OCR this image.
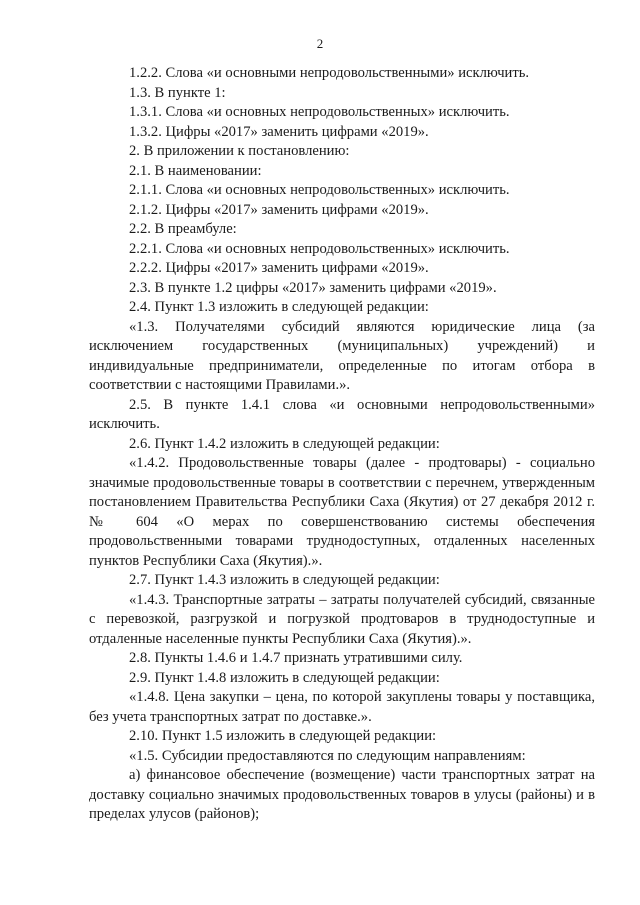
2

1.2.2. Слова «и основными непродовольственными» исключить.

1.3. В пункте 1:

1.3.1. Слова «и основных непродовольственных» исключить.

1.3.2. Цифры «2017» заменить цифрами «2019».

2. В приложении к постановлению:

2.1. В наименовании:

2.1.1. Слова «и основных непродовольственных» исключить.

2.1.2. Цифры «2017» заменить цифрами «2019».

2.2. В преамбуле:

2.2.1. Слова «и основных непродовольственных» исключить.

2.2.2. Цифры «2017» заменить цифрами «2019».

2.3. В пункте 1.2 цифры «2017» заменить цифрами «2019».

2.4. Пункт 1.3 изложить в следующей редакции:

«1.3. Получателями субсидий являются юридические лица (за исключением государственных (муниципальных) учреждений) и индивидуальные предприниматели, определенные по итогам отбора в соответствии с настоящими Правилами.».

2.5. В пункте 1.4.1 слова «и основными непродовольственными» исключить.

2.6. Пункт 1.4.2 изложить в следующей редакции:

«1.4.2. Продовольственные товары (далее - продтовары) - социально значимые продовольственные товары в соответствии с перечнем, утвержденным постановлением Правительства Республики Саха (Якутия) от 27 декабря 2012 г. № 604 «О мерах по совершенствованию системы обеспечения продовольственными товарами труднодоступных, отдаленных населенных пунктов Республики Саха (Якутия).».

2.7. Пункт 1.4.3 изложить в следующей редакции:

«1.4.3. Транспортные затраты – затраты получателей субсидий, связанные с перевозкой, разгрузкой и погрузкой продтоваров в труднодоступные и отдаленные населенные пункты Республики Саха (Якутия).».

2.8. Пункты 1.4.6 и 1.4.7 признать утратившими силу.

2.9. Пункт 1.4.8 изложить в следующей редакции:

«1.4.8. Цена закупки – цена, по которой закуплены товары у поставщика, без учета транспортных затрат по доставке.».

2.10. Пункт 1.5 изложить в следующей редакции:

«1.5. Субсидии предоставляются по следующим направлениям:

а) финансовое обеспечение (возмещение) части транспортных затрат на доставку социально значимых продовольственных товаров в улусы (районы) и в пределах улусов (районов);
